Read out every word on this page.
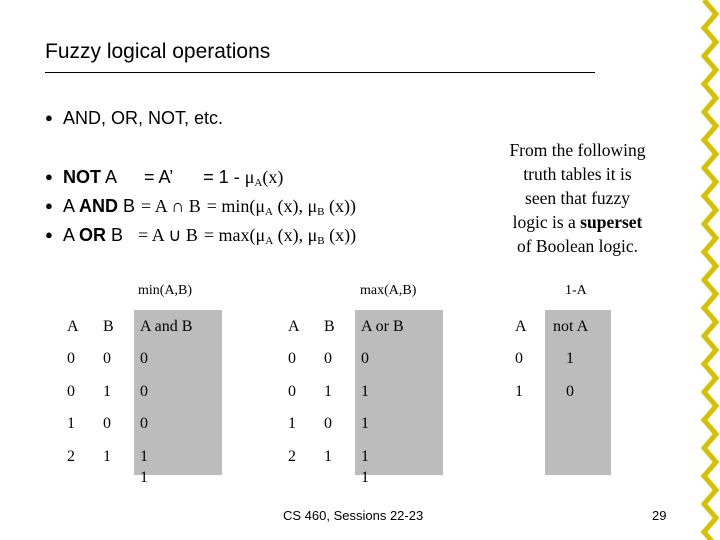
Fuzzy logical operations
● AND, OR, NOT, etc.
● NOT A = A’ = $1 - \mu_A(x)$
● A AND B = A ∩ $B = \min(\mu_A$ (x), $\mu_B$ (x))
● A OR B = A ∪ $B = \max(\mu_A$ (x), $\mu_B$ (x))
From the following
truth tables it is
seen that fuzzy
logic is a superset
of Boolean logic.
min(A,B)	max(A,B)	1-A
A B A and B
0 0 0
0 1 0
1 0 0
2 1 1
1
A B A or B
0 0 0
0 1 1
1 0 1
2 1 1
1
A not A
0	1
1	0
CS 460, Sessions 22-23	29
